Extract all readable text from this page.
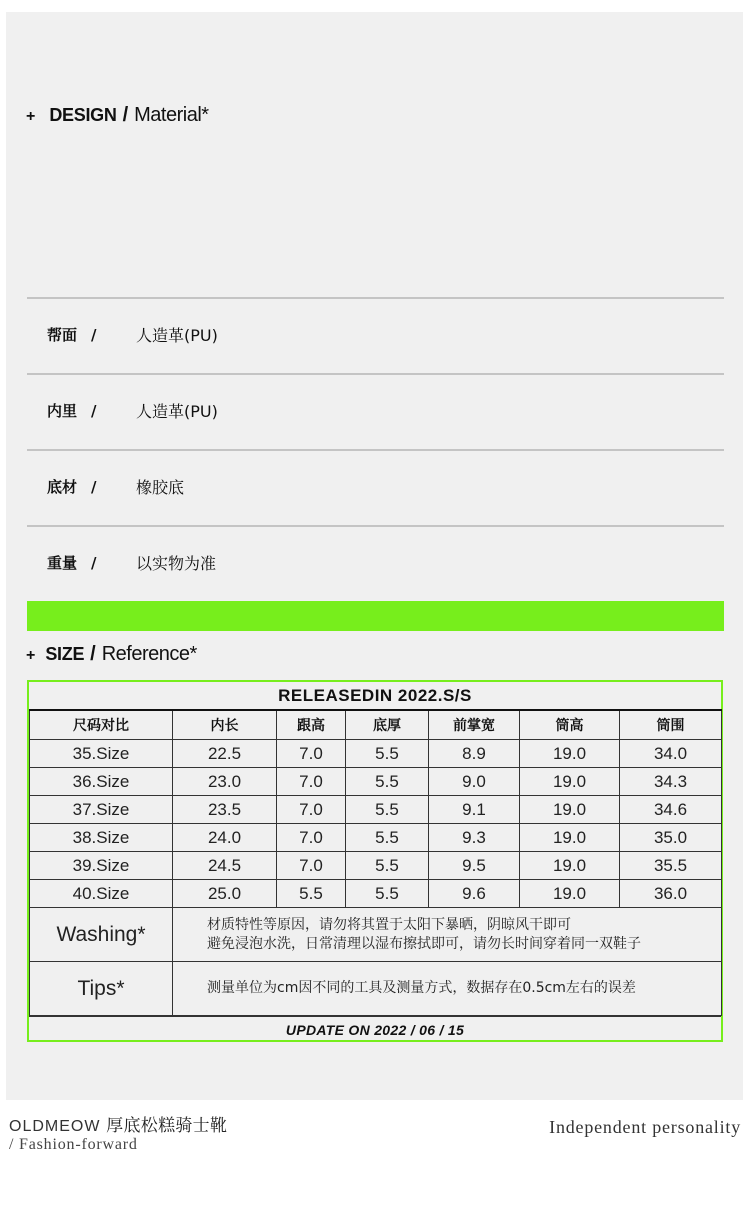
+ DESIGN / Material*
帮面 / 人造革(PU)
内里 / 人造革(PU)
底材 / 橡胶底
重量 / 以实物为准
+ SIZE / Reference*
RELEASEDIN 2022.S/S
尺码对比	内长	跟高	底厚	前掌宽	筒高	筒围
35.Size	22.5	7.0	5.5	8.9	19.0	34.0
36.Size	23.0	7.0	5.5	9.0	19.0	34.3
37.Size	23.5	7.0	5.5	9.1	19.0	34.6
38.Size	24.0	7.0	5.5	9.3	19.0	35.0
39.Size	24.5	7.0	5.5	9.5	19.0	35.5
40.Size	25.0	5.5	5.5	9.6	19.0	36.0
Washing*	材质特性等原因，请勿将其置于太阳下暴晒，阴晾风干即可
避免浸泡水洗，日常清理以湿布擦拭即可，请勿长时间穿着同一双鞋子					

Tips*	测量单位为cm因不同的工具及测量方式，数据存在0.5cm左右的误差					
UPDATE ON 2022 / 06 / 15
OLDMEOW 厚底松糕骑士靴
/ Fashion-forward
Independent personality
